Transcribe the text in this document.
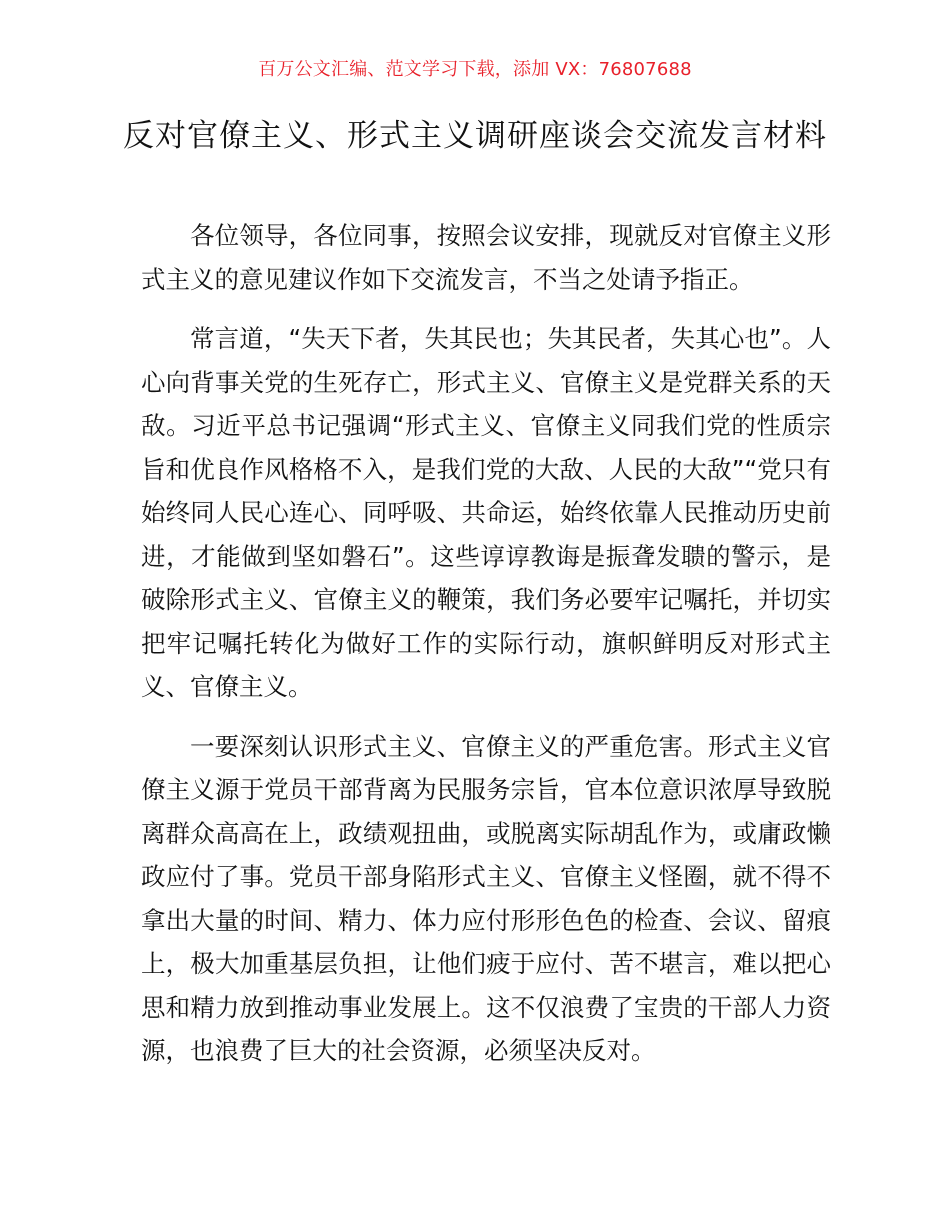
百万公文汇编、范文学习下载，添加 VX：76807688
反对官僚主义、形式主义调研座谈会交流发言材料

各位领导，各位同事，按照会议安排，现就反对官僚主义形式主义的意见建议作如下交流发言，不当之处请予指正。

常言道，“失天下者，失其民也；失其民者，失其心也”。人心向背事关党的生死存亡，形式主义、官僚主义是党群关系的天敌。习近平总书记强调“形式主义、官僚主义同我们党的性质宗旨和优良作风格格不入，是我们党的大敌、人民的大敌”“党只有始终同人民心连心、同呼吸、共命运，始终依靠人民推动历史前进，才能做到坚如磐石”。这些谆谆教诲是振聋发聩的警示，是破除形式主义、官僚主义的鞭策，我们务必要牢记嘱托，并切实把牢记嘱托转化为做好工作的实际行动，旗帜鲜明反对形式主义、官僚主义。

一要深刻认识形式主义、官僚主义的严重危害。形式主义官僚主义源于党员干部背离为民服务宗旨，官本位意识浓厚导致脱离群众高高在上，政绩观扭曲，或脱离实际胡乱作为，或庸政懒政应付了事。党员干部身陷形式主义、官僚主义怪圈，就不得不拿出大量的时间、精力、体力应付形形色色的检查、会议、留痕上，极大加重基层负担，让他们疲于应付、苦不堪言，难以把心思和精力放到推动事业发展上。这不仅浪费了宝贵的干部人力资源，也浪费了巨大的社会资源，必须坚决反对。
